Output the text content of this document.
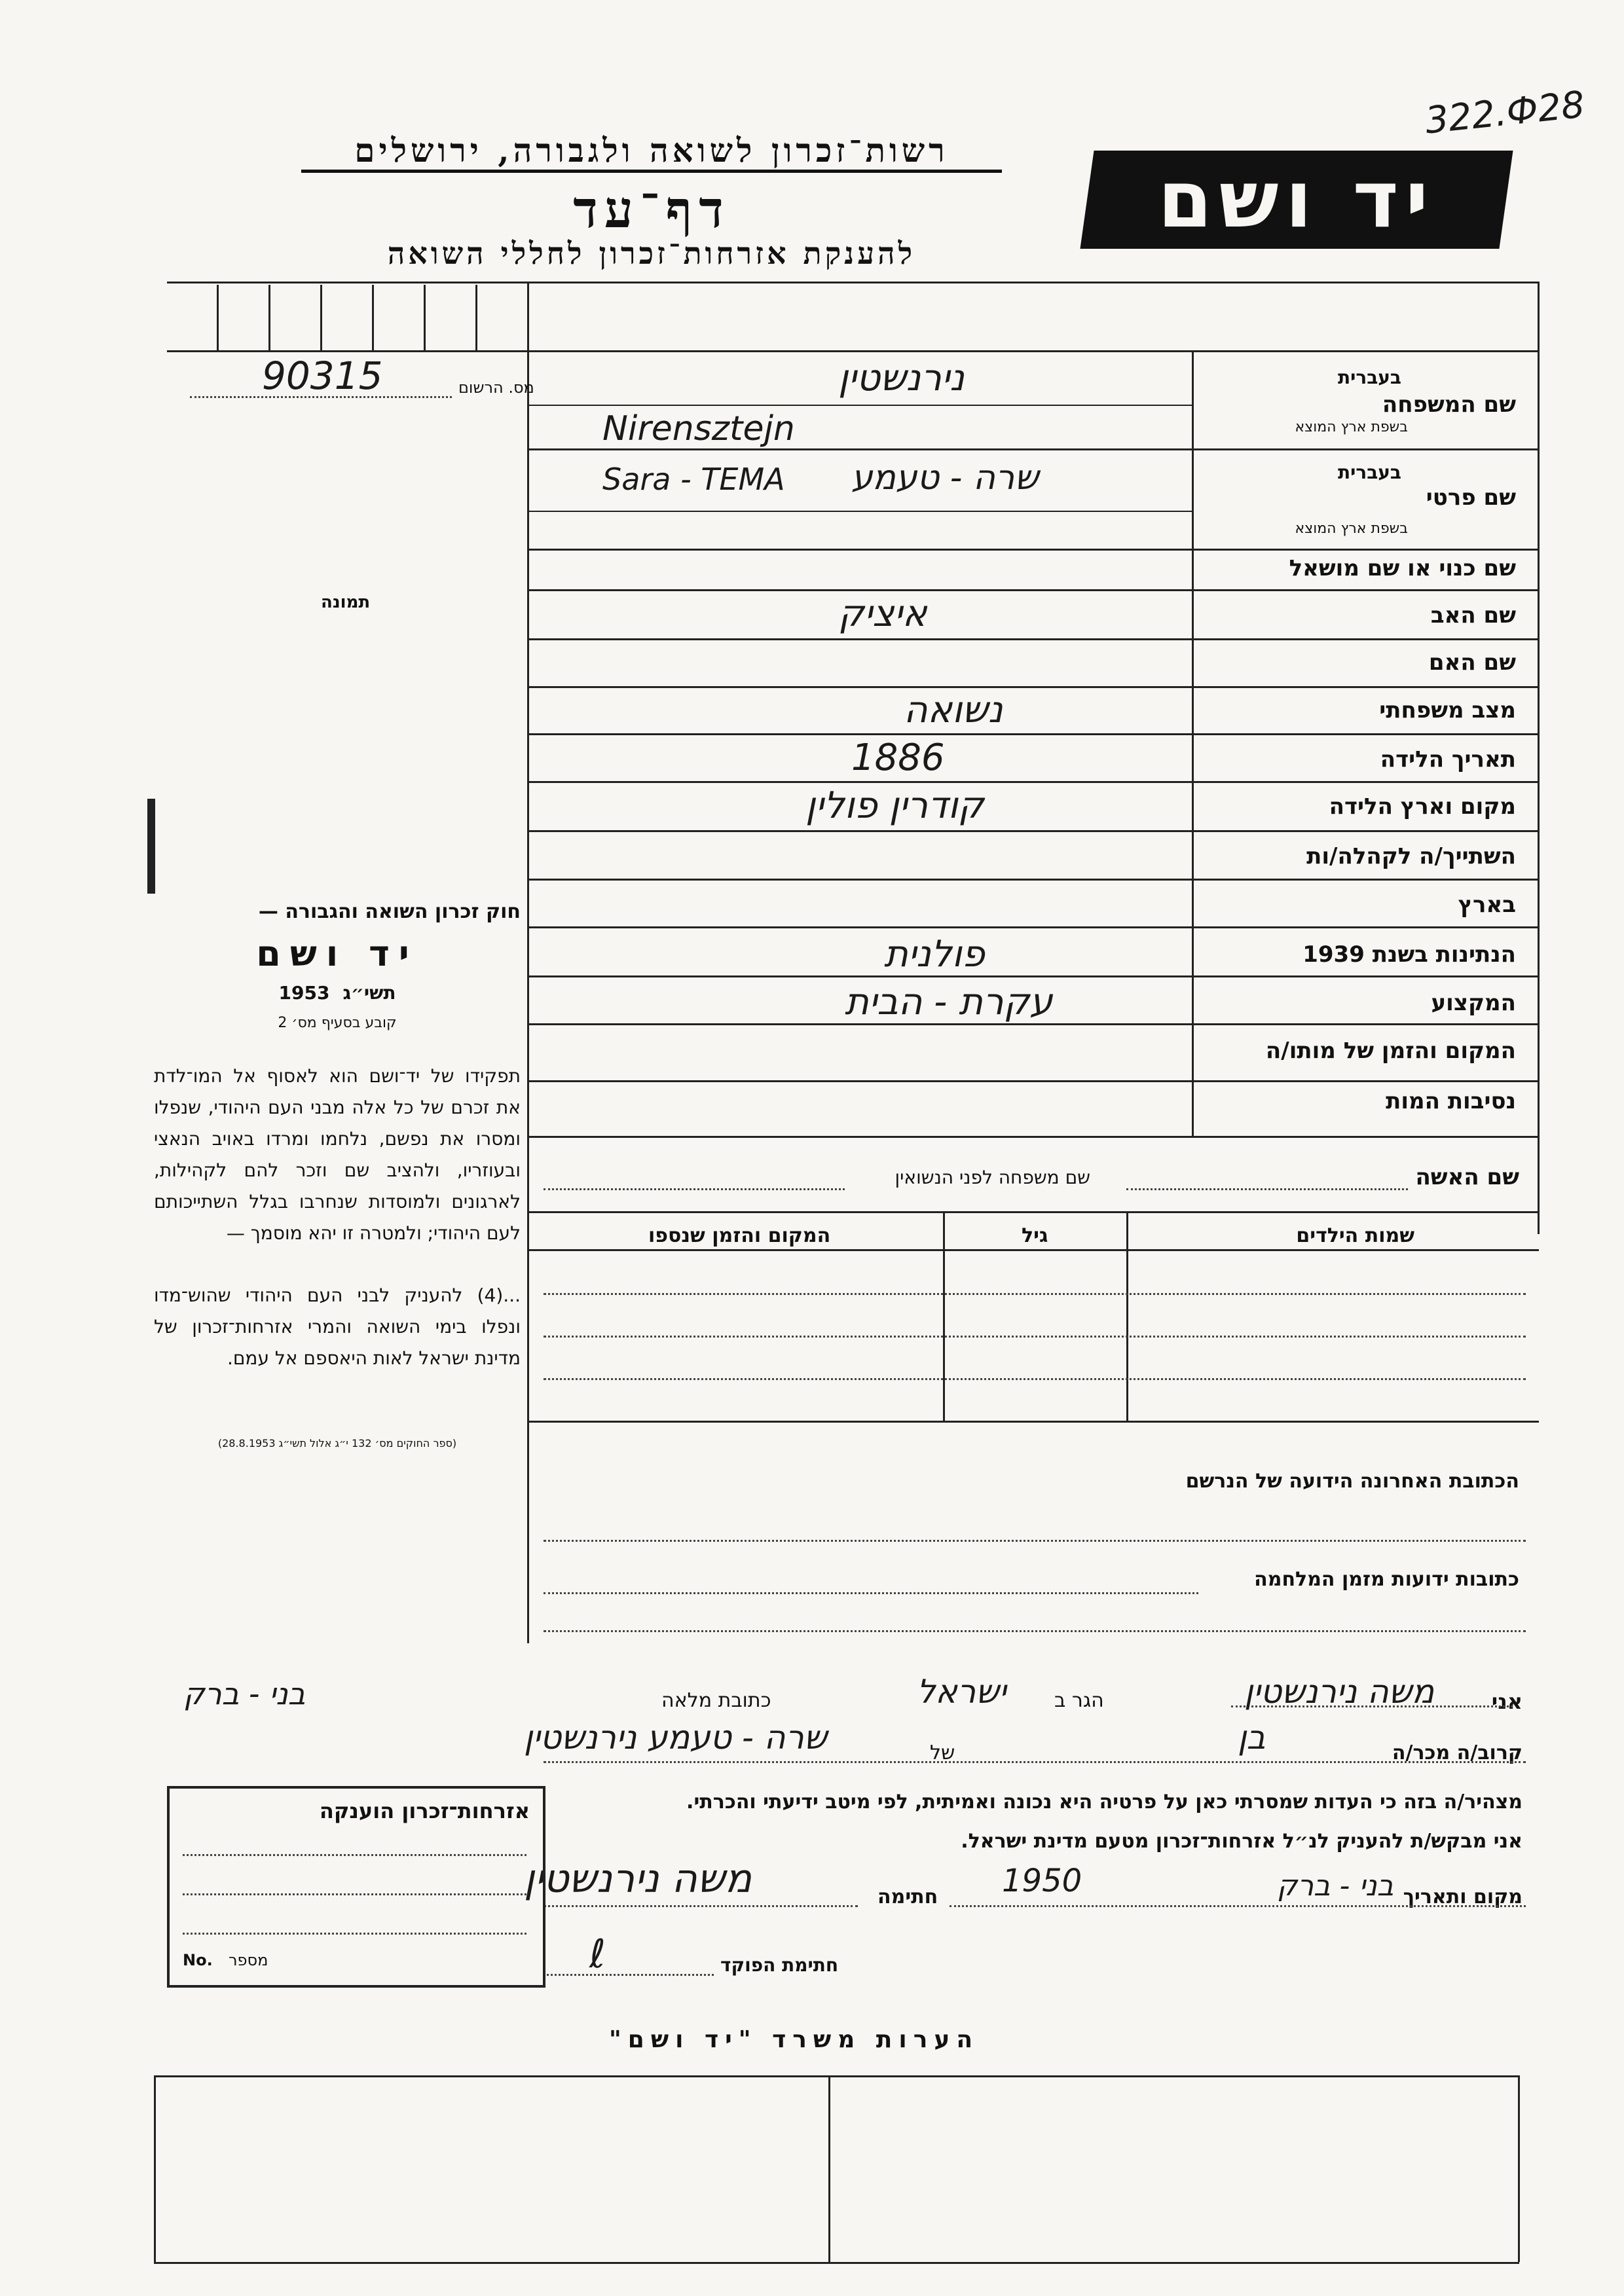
322.Ф28
רשות־זכרון לשואה ולגבורה, ירושלים
דף־עד
להענקת אזרחות־זכרון לחללי השואה
יד ושם
מס. הרשום
90315
תמונה
שם המשפחה
בעברית
בשפת ארץ המוצא
נירנשטין
Nirensztejn
שם פרטי
בעברית
בשפת ארץ המוצא
Sara - TEMA שרה - טעמע
שם כנוי או שם מושאל
שם האב
איציק
שם האם
מצב משפחתי
נשואה
תאריך הלידה
1886
מקום וארץ הלידה
קודרין פולין
השתייך/ה לקהלה/ות
בארץ
הנתינות בשנת 1939
פולנית
המקצוע
עקרת - הבית
המקום והזמן של מותו/ה
נסיבות המות
שם האשה
שם משפחה לפני הנשואין
שמות הילדים
גיל
המקום והזמן שנספו
הכתובת האחרונה הידועה של הנרשם
כתובות ידועות מזמן המלחמה
אני
משה נירנשטין
הגר ב
ישראל
כתובת מלאה
בני - ברק
קרוב/ה מכר/ה
בן
של
שרה - טעמע נירנשטין
מצהיר/ה בזה כי העדות שמסרתי כאן על פרטיה היא נכונה ואמיתית, לפי מיטב ידיעתי והכרתי.
אני מבקש/ת להעניק לנ״ל אזרחות־זכרון מטעם מדינת ישראל.
מקום ותאריך
בני - ברק
1950
חתימה
משה נירנשטין
חתימת הפוקד
ℓ
אזרחות־זכרון הוענקה
מספר
No.
הערות משרד "יד ושם"
חוק זכרון השואה והגבורה —
יד ושם
1953 תשי״ג
קובע בסעיף מס׳ 2
תפקידו של יד־ושם הוא לאסוף אל המו־לדת את זכרם של כל אלה מבני העם היהודי, שנפלו ומסרו את נפשם, נלחמו ומרדו באויב הנאצי ובעוזריו, ולהציב שם וזכר להם לקהילות, לארגונים ולמוסדות שנחרבו בגלל השתייכותם לעם היהודי; ולמטרה זו יהא מוסמך —
...(4) להעניק לבני העם היהודי שהוש־מדו ונפלו בימי השואה והמרי אזרחות־זכרון של מדינת ישראל לאות היאספם אל עמם.
(ספר החוקים מס׳ 132 י״ג אלול תשי״ג 28.8.1953)
